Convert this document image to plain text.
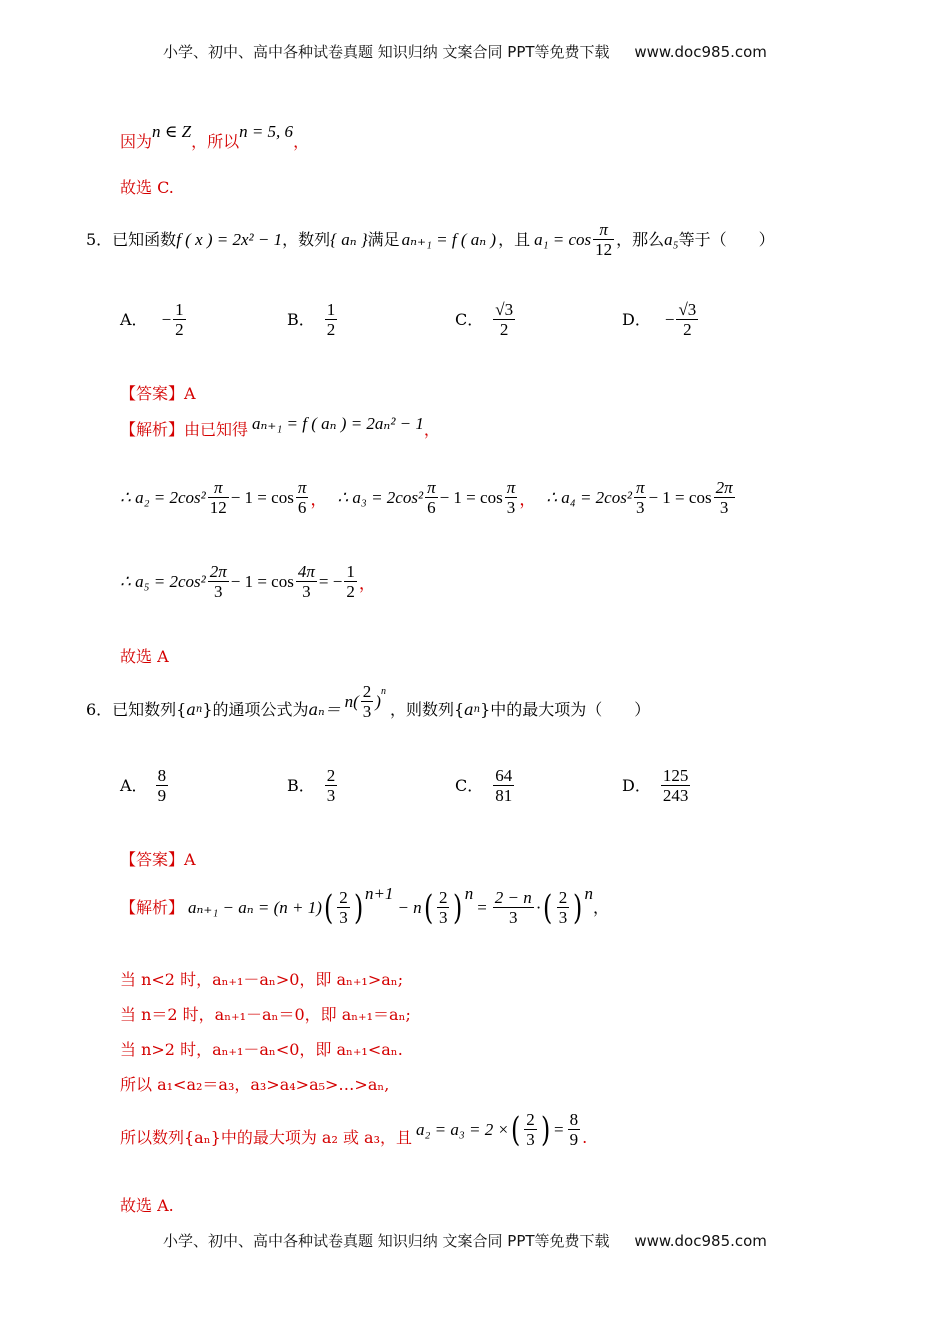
小学、初中、高中各种试卷真题 知识归纳 文案合同 PPT等免费下载 www.doc985.com
因为n ∈ Z，所以n = 5, 6，
故选 C.
5．已知函数 f ( x ) = 2x² − 1 ，数列 { aₙ } 满足 aₙ₊₁ = f ( aₙ ) ，且 $a_1 = \cos \frac{\pi}{12}$ ，那么 a₅ 等于（　　）
A． − $\frac{1}{2}$	B． $\frac{1}{2}$	C． $\frac{√3}{2}$	D． − $\frac{√3}{2}$
【答案】A
【解析】 由已知得 aₙ₊₁ = f ( aₙ ) = 2aₙ² − 1 ，
∴ $a_2 = 2\cos^2 \frac{\pi}{12} - 1 = \cos \frac{\pi}{6}$ ， ∴ $a_3 = 2\cos^2 \frac{\pi}{6} - 1 = \cos \frac{\pi}{3}$ ， ∴ $a_4 = 2\cos^2 \frac{\pi}{3} - 1 = \cos \frac{2\pi}{3}$
∴ $a_5 = 2\cos^2 \frac{2\pi}{3} - 1 = \cos \frac{4\pi}{3}$ = − $\frac{1}{2}$ ，
故选 A
6．已知数列{ a n }的通项公式为 $a_n= n( \frac{2}{3}$ )
$^n$
，则数列{ a n }中的最大项为（　　）
A． $\frac{8}{9}$	B． $\frac{2}{3}$	C． $\frac{64}{81}$	D． $\frac{125}{243}$
【答案】A
【解析】 aₙ₊₁ − aₙ = (n + 1) ( $\frac{2}{3} )^{n+1}$
− n ( $\frac{2}{3} )^n$
= $\frac{2 - n}{3}$ · ( $\frac{2}{3} )^n$
，
当 n<2 时，aₙ₊₁－aₙ>0，即 aₙ₊₁>aₙ;
当 n＝2 时，aₙ₊₁－aₙ＝0，即 aₙ₊₁＝aₙ;
当 n>2 时，aₙ₊₁－aₙ<0，即 aₙ₊₁<aₙ.
所以 a₁<a₂＝a₃，a₃>a₄>a₅>…>aₙ,
所以数列{aₙ}中的最大项为 a₂ 或 a₃，且 a₂ = a₃ = 2 × ( $\frac{2}{3}$ ) = $\frac{8}{9}$ .
故选 A.
小学、初中、高中各种试卷真题 知识归纳 文案合同 PPT等免费下载 www.doc985.com
